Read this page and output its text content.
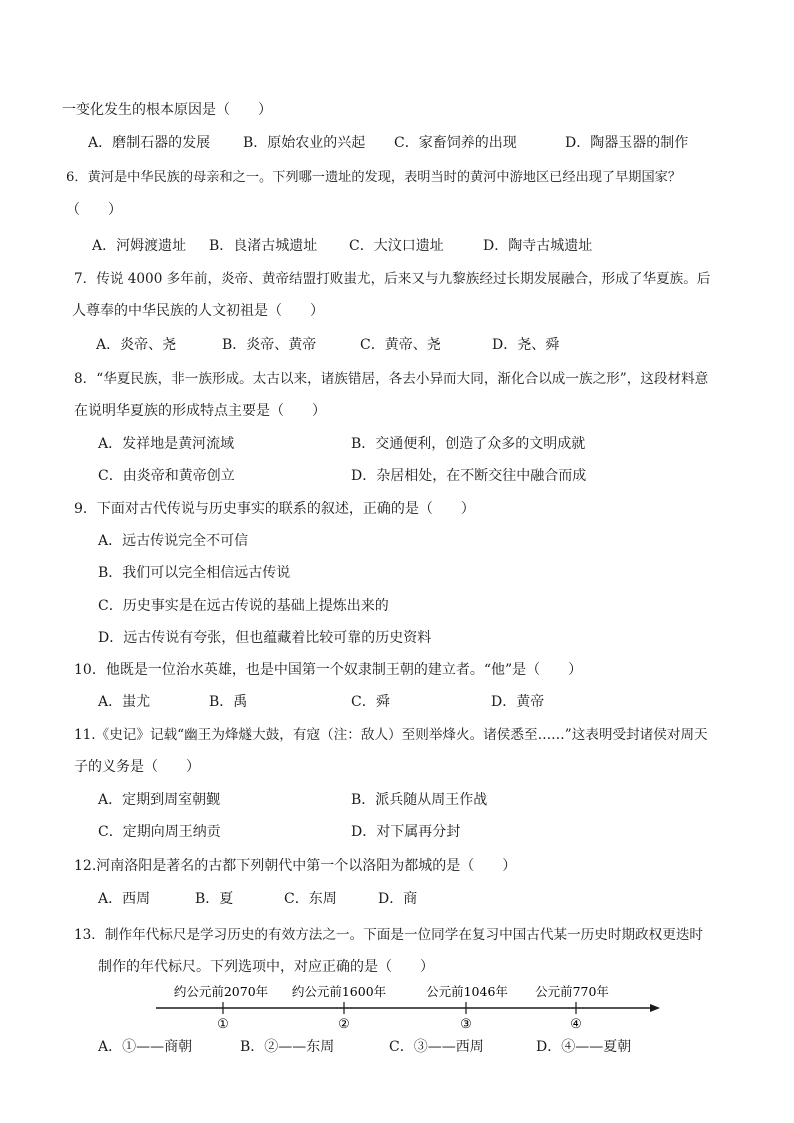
一变化发生的根本原因是（　　）
A．磨制石器的发展 B．原始农业的兴起 C．家畜饲养的出现	D．陶器玉器的制作
6．黄河是中华民族的母亲和之一。下列哪一遗址的发现，表明当时的黄河中游地区已经出现了早期国家？
（　　）
A．河姆渡遗址 B．良渚古城遗址 C．大汶口遗址	D．陶寺古城遗址
7．传说 4000 多年前，炎帝、黄帝结盟打败蚩尤，后来又与九黎族经过长期发展融合，形成了华夏族。后
人尊奉的中华民族的人文初祖是（　　）
A．炎帝、尧	B．炎帝、黄帝	C．黄帝、尧	D．尧、舜
8．“华夏民族，非一族形成。太古以来，诸族错居，各去小异而大同，渐化合以成一族之形”，这段材料意
在说明华夏族的形成特点主要是（　　）
A．发祥地是黄河流域	B．交通便利，创造了众多的文明成就
C．由炎帝和黄帝创立	D．杂居相处，在不断交往中融合而成
9．下面对古代传说与历史事实的联系的叙述，正确的是（　　）
A．远古传说完全不可信
B．我们可以完全相信远古传说
C．历史事实是在远古传说的基础上提炼出来的
D．远古传说有夸张，但也蕴藏着比较可靠的历史资料
10．他既是一位治水英雄，也是中国第一个奴隶制王朝的建立者。“他”是（　　）
A．蚩尤	B．禹	C．舜	D．黄帝
11.《史记》记载“幽王为烽燧大鼓，有寇（注：敌人）至则举烽火。诸侯悉至……”这表明受封诸侯对周天
子的义务是（　　）
A．定期到周室朝觐	B．派兵随从周王作战
C．定期向周王纳贡	D．对下属再分封
12.河南洛阳是著名的古都下列朝代中第一个以洛阳为都城的是（　　）
A．西周	B．夏	C．东周	D．商
13．制作年代标尺是学习历史的有效方法之一。下面是一位同学在复习中国古代某一历史时期政权更迭时
制作的年代标尺。下列选项中，对应正确的是（　　）
约公元前2070年 约公元前1600年	公元前1046年 公元前770年
①	②	③	④
A．①——商朝	B．②——东周	C．③——西周	D．④——夏朝
